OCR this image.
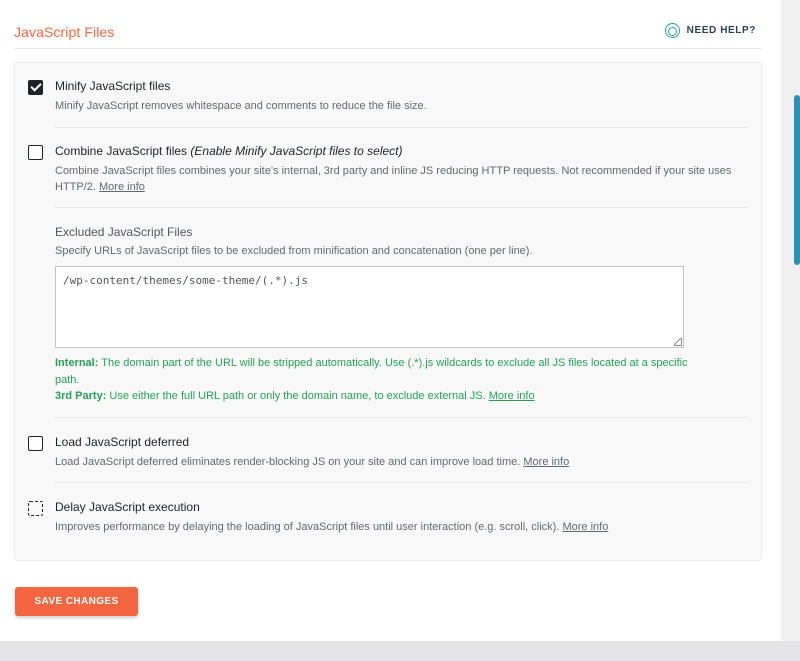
JavaScript Files	NEED HELP?
Minify JavaScript files
Minify JavaScript removes whitespace and comments to reduce the file size.
Combine JavaScript files (Enable Minify JavaScript files to select)
Combine JavaScript files combines your site’s internal, 3rd party and inline JS reducing HTTP requests. Not recommended if your site uses HTTP/2. More info
Excluded JavaScript Files
Specify URLs of JavaScript files to be excluded from minification and concatenation (one per line).
/wp-content/themes/some-theme/(.*).js
Internal: The domain part of the URL will be stripped automatically. Use (.*).js wildcards to exclude all JS files located at a specific path.
3rd Party: Use either the full URL path or only the domain name, to exclude external JS. More info
Load JavaScript deferred
Load JavaScript deferred eliminates render-blocking JS on your site and can improve load time. More info
Delay JavaScript execution
Improves performance by delaying the loading of JavaScript files until user interaction (e.g. scroll, click). More info
SAVE CHANGES
